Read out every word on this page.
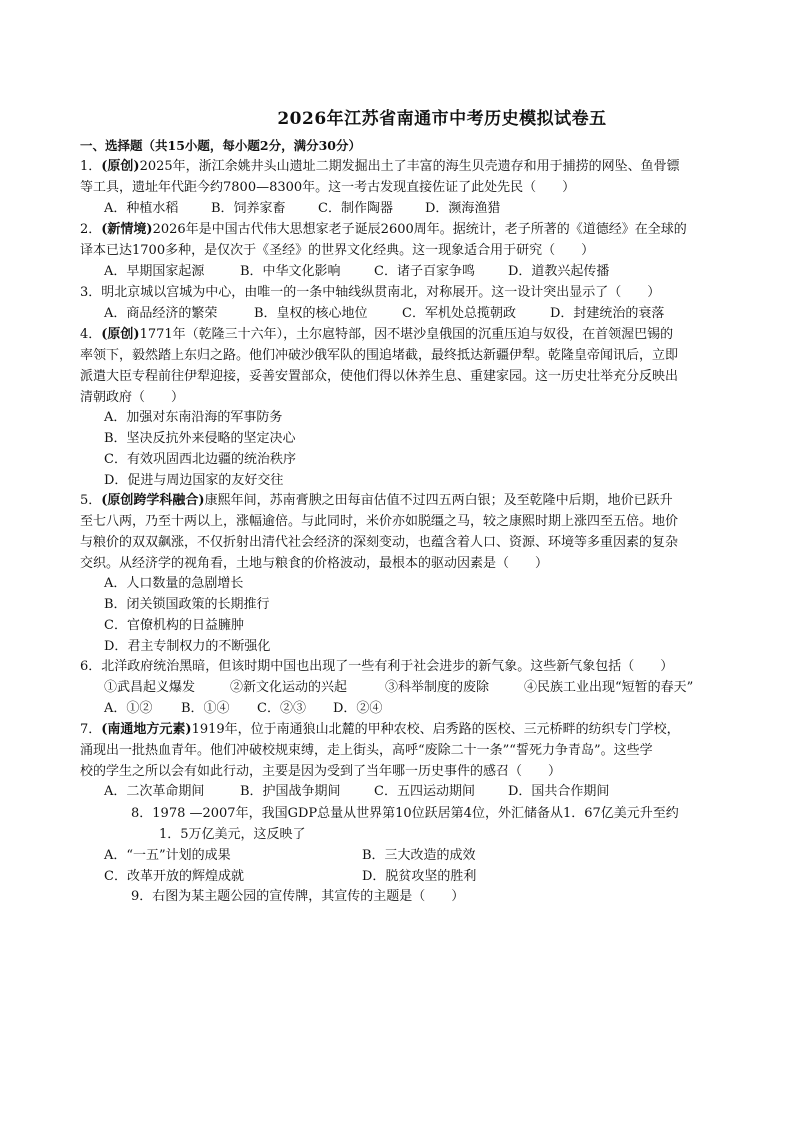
2026年江苏省南通市中考历史模拟试卷五
一、选择题（共15小题，每小题2分，满分30分）
1．(原创)2025年，浙江余姚井头山遗址二期发掘出土了丰富的海生贝壳遗存和用于捕捞的网坠、鱼骨镖
等工具，遗址年代距今约7800—8300年。这一考古发现直接佐证了此处先民（　　）
A．种植水稻	B．饲养家畜 C．制作陶器 D．濒海渔猎
2．(新情境)2026年是中国古代伟大思想家老子诞辰2600周年。据统计，老子所著的《道德经》在全球的
译本已达1700多种，是仅次于《圣经》的世界文化经典。这一现象适合用于研究（　　）
A．早期国家起源	B．中华文化影响	C．诸子百家争鸣	D．道教兴起传播
3．明北京城以宫城为中心，由唯一的一条中轴线纵贯南北，对称展开。这一设计突出显示了（　　）
A．商品经济的繁荣	B．皇权的核心地位	C．军机处总揽朝政	D．封建统治的衰落
4．(原创)1771年（乾隆三十六年），土尔扈特部，因不堪沙皇俄国的沉重压迫与奴役，在首领渥巴锡的
率领下，毅然踏上东归之路。他们冲破沙俄军队的围追堵截，最终抵达新疆伊犁。乾隆皇帝闻讯后，立即
派遣大臣专程前往伊犁迎接，妥善安置部众，使他们得以休养生息、重建家园。这一历史壮举充分反映出
清朝政府（　　）
A．加强对东南沿海的军事防务
B．坚决反抗外来侵略的坚定决心
C．有效巩固西北边疆的统治秩序
D．促进与周边国家的友好交往
5．(原创跨学科融合)康熙年间，苏南膏腴之田每亩估值不过四五两白银；及至乾隆中后期，地价已跃升
至七八两，乃至十两以上，涨幅逾倍。与此同时，米价亦如脱缰之马，较之康熙时期上涨四至五倍。地价
与粮价的双双飙涨，不仅折射出清代社会经济的深刻变动，也蕴含着人口、资源、环境等多重因素的复杂
交织。从经济学的视角看，土地与粮食的价格波动，最根本的驱动因素是（　　）
A．人口数量的急剧增长
B．闭关锁国政策的长期推行
C．官僚机构的日益臃肿
D．君主专制权力的不断强化
6．北洋政府统治黑暗，但该时期中国也出现了一些有利于社会进步的新气象。这些新气象包括（　　）
①武昌起义爆发	②新文化运动的兴起	③科举制度的废除	④民族工业出现“短暂的春天”
A．①② B．①④ C．②③ D．②④
7．(南通地方元素)1919年，位于南通狼山北麓的甲种农校、启秀路的医校、三元桥畔的纺织专门学校，
涌现出一批热血青年。他们冲破校规束缚，走上街头，高呼“废除二十一条”“誓死力争青岛”。这些学
校的学生之所以会有如此行动，主要是因为受到了当年哪一历史事件的感召（　　）
A．二次革命期间	B．护国战争期间	C．五四运动期间	D．国共合作期间
8．1978 —2007年，我国GDP总量从世界第10位跃居第4位，外汇储备从1．67亿美元升至约
1．5万亿美元，这反映了
A．“一五”计划的成果	B．三大改造的成效
C．改革开放的辉煌成就	D．脱贫攻坚的胜利
9．右图为某主题公园的宣传牌，其宣传的主题是（　　）
